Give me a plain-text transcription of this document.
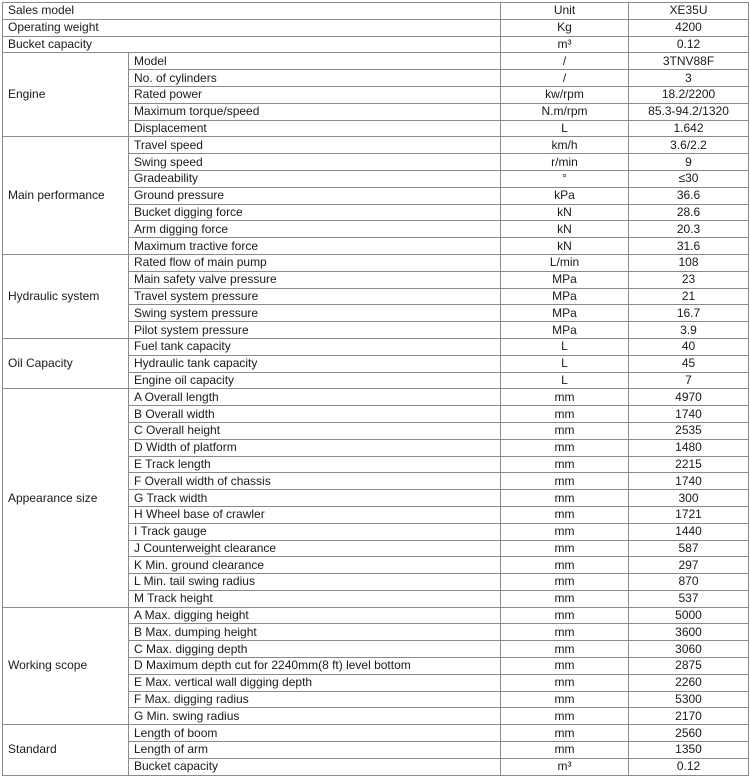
Sales model		Unit	XE35U
Operating weight		Kg	4200
Bucket capacity		m³	0.12
Engine	Model	/	3TNV88F
	No. of cylinders	/	3
	Rated power	kw/rpm	18.2/2200
	Maximum torque/speed	N.m/rpm	85.3-94.2/1320
	Displacement	L	1.642
Main performance	Travel speed	km/h	3.6/2.2
	Swing speed	r/min	9
	Gradeability	°	≤30
	Ground pressure	kPa	36.6
	Bucket digging force	kN	28.6
	Arm digging force	kN	20.3
	Maximum tractive force	kN	31.6
Hydraulic system	Rated flow of main pump	L/min	108
	Main safety valve pressure	MPa	23
	Travel system pressure	MPa	21
	Swing system pressure	MPa	16.7
	Pilot system pressure	MPa	3.9
Oil Capacity	Fuel tank capacity	L	40
	Hydraulic tank capacity	L	45
	Engine oil capacity	L	7
Appearance size	A Overall length	mm	4970
	B Overall width	mm	1740
	C Overall height	mm	2535
	D Width of platform	mm	1480
	E Track length	mm	2215
	F Overall width of chassis	mm	1740
	G Track width	mm	300
	H Wheel base of crawler	mm	1721
	I Track gauge	mm	1440
	J Counterweight clearance	mm	587
	K Min. ground clearance	mm	297
	L Min. tail swing radius	mm	870
	M Track height	mm	537
Working scope	A Max. digging height	mm	5000
	B Max. dumping height	mm	3600
	C Max. digging depth	mm	3060
	D Maximum depth cut for 2240mm(8 ft) level bottom	mm	2875
	E Max. vertical wall digging depth	mm	2260
	F Max. digging radius	mm	5300
	G Min. swing radius	mm	2170
Standard	Length of boom	mm	2560
	Length of arm	mm	1350
	Bucket capacity	m³	0.12
